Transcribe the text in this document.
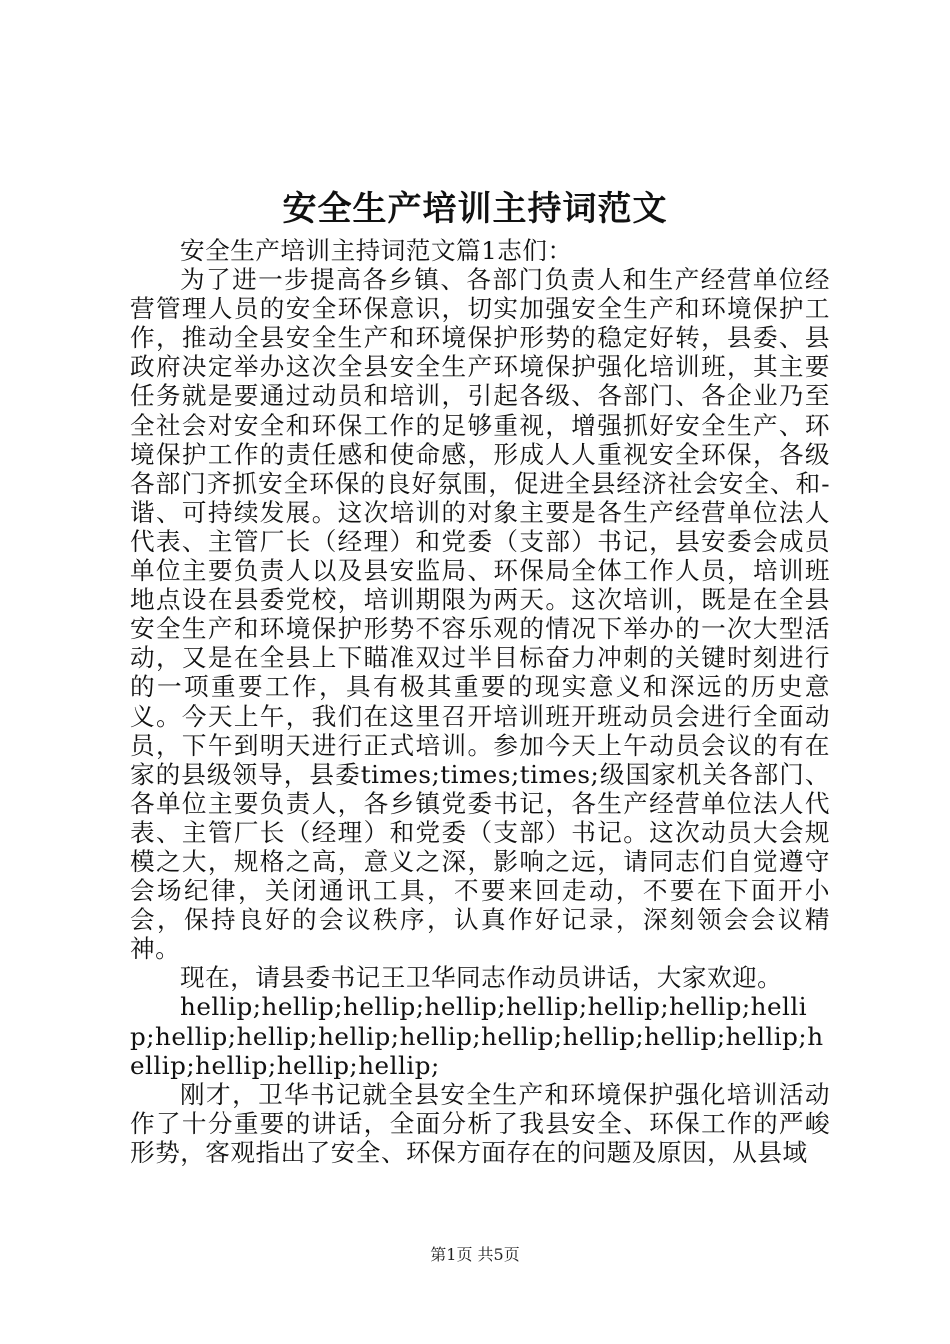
安全生产培训主持词范文

安全生产培训主持词范文篇1志们：

为了进一步提高各乡镇、各部门负责人和生产经营单位经营管理人员的安全环保意识，切实加强安全生产和环境保护工作，推动全县安全生产和环境保护形势的稳定好转，县委、县政府决定举办这次全县安全生产环境保护强化培训班，其主要任务就是要通过动员和培训，引起各级、各部门、各企业乃至全社会对安全和环保工作的足够重视，增强抓好安全生产、环境保护工作的责任感和使命感，形成人人重视安全环保，各级各部门齐抓安全环保的良好氛围，促进全县经济社会安全、和-谐、可持续发展。这次培训的对象主要是各生产经营单位法人代表、主管厂长（经理）和党委（支部）书记，县安委会成员单位主要负责人以及县安监局、环保局全体工作人员，培训班地点设在县委党校，培训期限为两天。这次培训，既是在全县安全生产和环境保护形势不容乐观的情况下举办的一次大型活动，又是在全县上下瞄准双过半目标奋力冲刺的关键时刻进行的一项重要工作，具有极其重要的现实意义和深远的历史意义。今天上午，我们在这里召开培训班开班动员会进行全面动员，下午到明天进行正式培训。参加今天上午动员会议的有在家的县级领导，县委times;times;times;级国家机关各部门、各单位主要负责人，各乡镇党委书记，各生产经营单位法人代表、主管厂长（经理）和党委（支部）书记。这次动员大会规模之大，规格之高，意义之深，影响之远，请同志们自觉遵守会场纪律，关闭通讯工具，不要来回走动，不要在下面开小会，保持良好的会议秩序，认真作好记录，深刻领会会议精神。

现在，请县委书记王卫华同志作动员讲话，大家欢迎。

hellip;hellip;hellip;hellip;hellip;hellip;hellip;hellip;hellip;hellip;hellip;hellip;hellip;hellip;hellip;hellip;hellip;hellip;hellip;hellip;

刚才，卫华书记就全县安全生产和环境保护强化培训活动作了十分重要的讲话，全面分析了我县安全、环保工作的严峻形势，客观指出了安全、环保方面存在的问题及原因，从县域

第1页 共5页
